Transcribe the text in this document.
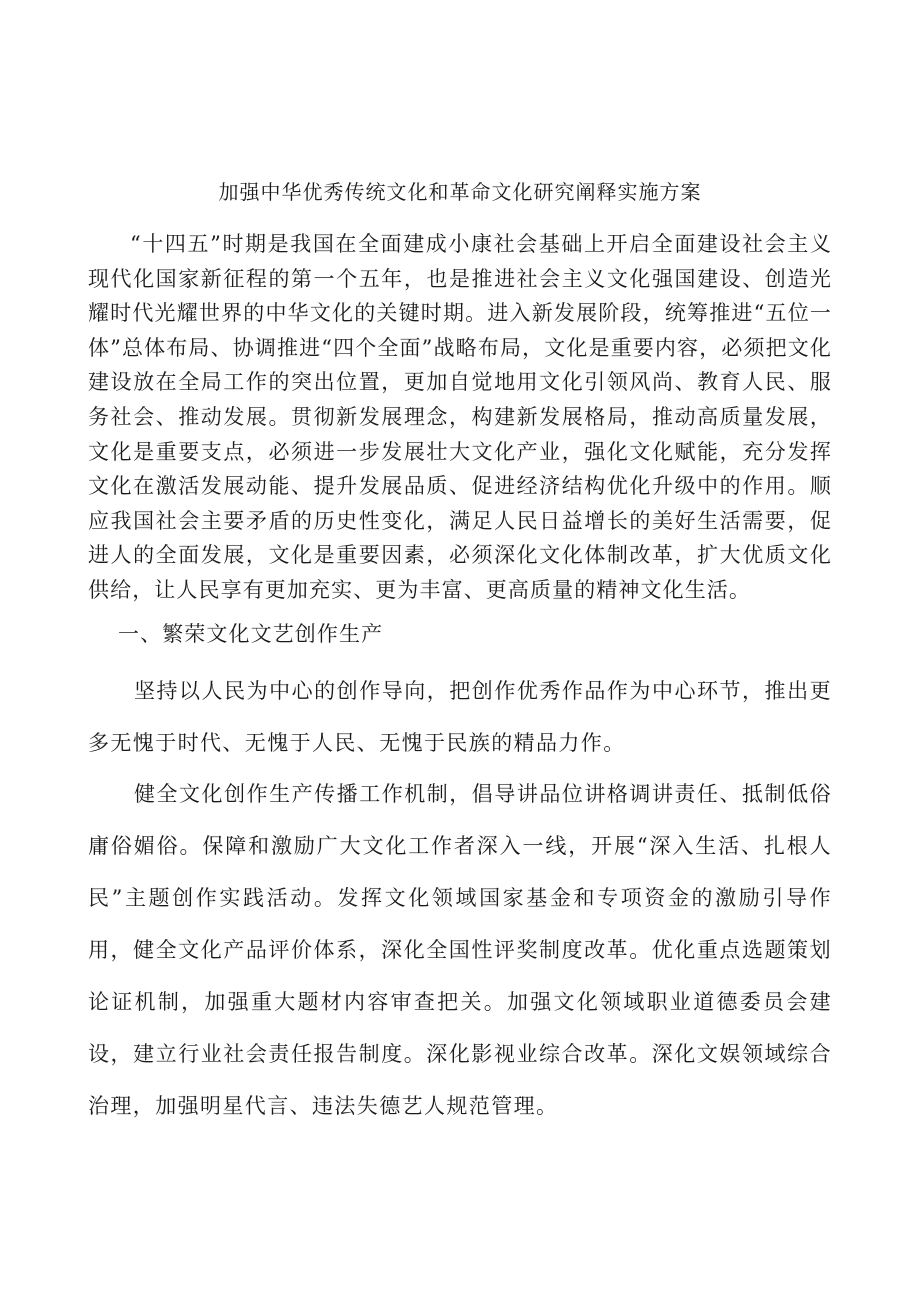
加强中华优秀传统文化和革命文化研究阐释实施方案

“十四五”时期是我国在全面建成小康社会基础上开启全面建设社会主义现代化国家新征程的第一个五年，也是推进社会主义文化强国建设、创造光耀时代光耀世界的中华文化的关键时期。进入新发展阶段，统筹推进“五位一体”总体布局、协调推进“四个全面”战略布局，文化是重要内容，必须把文化建设放在全局工作的突出位置，更加自觉地用文化引领风尚、教育人民、服务社会、推动发展。贯彻新发展理念，构建新发展格局，推动高质量发展，文化是重要支点，必须进一步发展壮大文化产业，强化文化赋能，充分发挥文化在激活发展动能、提升发展品质、促进经济结构优化升级中的作用。顺应我国社会主要矛盾的历史性变化，满足人民日益增长的美好生活需要，促进人的全面发展，文化是重要因素，必须深化文化体制改革，扩大优质文化供给，让人民享有更加充实、更为丰富、更高质量的精神文化生活。

一、繁荣文化文艺创作生产

坚持以人民为中心的创作导向，把创作优秀作品作为中心环节，推出更多无愧于时代、无愧于人民、无愧于民族的精品力作。

健全文化创作生产传播工作机制，倡导讲品位讲格调讲责任、抵制低俗庸俗媚俗。保障和激励广大文化工作者深入一线，开展“深入生活、扎根人民”主题创作实践活动。发挥文化领域国家基金和专项资金的激励引导作用，健全文化产品评价体系，深化全国性评奖制度改革。优化重点选题策划论证机制，加强重大题材内容审查把关。加强文化领域职业道德委员会建设，建立行业社会责任报告制度。深化影视业综合改革。深化文娱领域综合治理，加强明星代言、违法失德艺人规范管理。
